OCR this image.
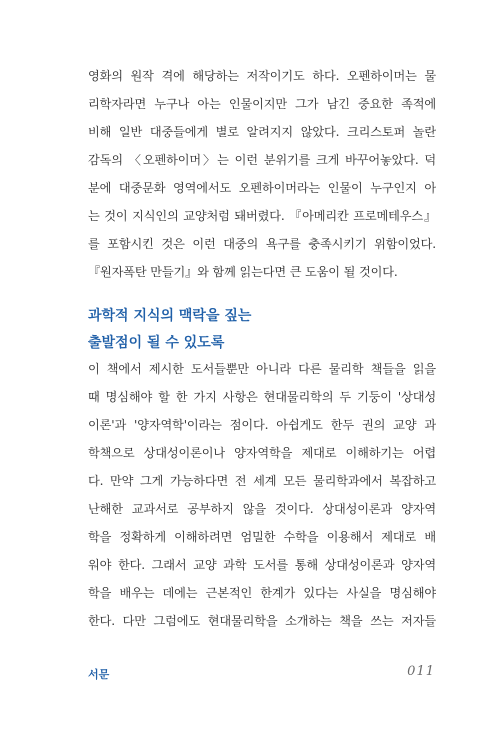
영화의 원작 격에 해당하는 저작이기도 하다. 오펜하이머는 물
리학자라면 누구나 아는 인물이지만 그가 남긴 중요한 족적에
비해 일반 대중들에게 별로 알려지지 않았다. 크리스토퍼 놀란
감독의 〈오펜하이머〉는 이런 분위기를 크게 바꾸어놓았다. 덕
분에 대중문화 영역에서도 오펜하이머라는 인물이 누구인지 아
는 것이 지식인의 교양처럼 돼버렸다. 『아메리칸 프로메테우스』
를 포함시킨 것은 이런 대중의 욕구를 충족시키기 위함이었다.
『원자폭탄 만들기』와 함께 읽는다면 큰 도움이 될 것이다.
과학적 지식의 맥락을 짚는
출발점이 될 수 있도록
이 책에서 제시한 도서들뿐만 아니라 다른 물리학 책들을 읽을
때 명심해야 할 한 가지 사항은 현대물리학의 두 기둥이 '상대성
이론'과 '양자역학'이라는 점이다. 아쉽게도 한두 권의 교양 과
학책으로 상대성이론이나 양자역학을 제대로 이해하기는 어렵
다. 만약 그게 가능하다면 전 세계 모든 물리학과에서 복잡하고
난해한 교과서로 공부하지 않을 것이다. 상대성이론과 양자역
학을 정확하게 이해하려면 엄밀한 수학을 이용해서 제대로 배
워야 한다. 그래서 교양 과학 도서를 통해 상대성이론과 양자역
학을 배우는 데에는 근본적인 한계가 있다는 사실을 명심해야
한다. 다만 그럼에도 현대물리학을 소개하는 책을 쓰는 저자들
서문	011
